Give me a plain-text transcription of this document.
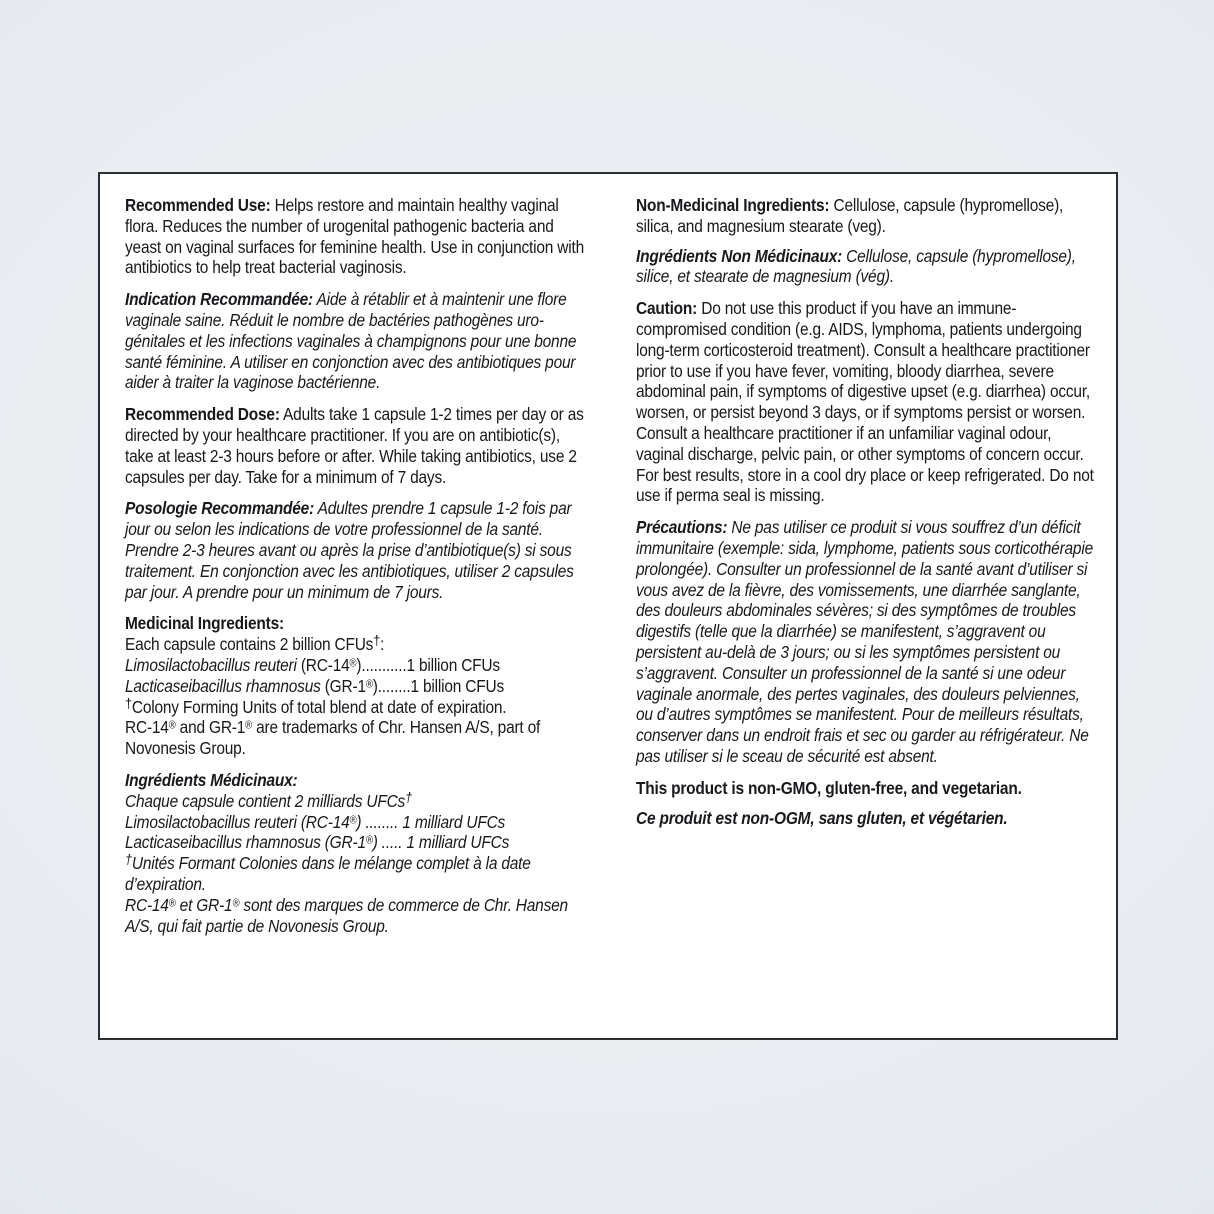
Recommended Use: Helps restore and maintain healthy vaginal flora. Reduces the number of urogenital pathogenic bacteria and yeast on vaginal surfaces for feminine health. Use in conjunction with antibiotics to help treat bacterial vaginosis.

Indication Recommandée: Aide à rétablir et à maintenir une flore vaginale saine. Réduit le nombre de bactéries pathogènes uro-génitales et les infections vaginales à champignons pour une bonne santé féminine. A utiliser en conjonction avec des antibiotiques pour aider à traiter la vaginose bactérienne.

Recommended Dose: Adults take 1 capsule 1-2 times per day or as directed by your healthcare practitioner. If you are on antibiotic(s), take at least 2-3 hours before or after. While taking antibiotics, use 2 capsules per day. Take for a minimum of 7 days.

Posologie Recommandée: Adultes prendre 1 capsule 1-2 fois par jour ou selon les indications de votre professionnel de la santé. Prendre 2-3 heures avant ou après la prise d’antibiotique(s) si sous traitement. En conjonction avec les antibiotiques, utiliser 2 capsules par jour. A prendre pour un minimum de 7 jours.

Medicinal Ingredients:
Each capsule contains 2 billion CFUs†:
Limosilactobacillus reuteri (RC-14®)...........1 billion CFUs
Lacticaseibacillus rhamnosus (GR-1®)........1 billion CFUs
†Colony Forming Units of total blend at date of expiration.
RC-14® and GR-1® are trademarks of Chr. Hansen A/S, part of Novonesis Group.

Ingrédients Médicinaux:
Chaque capsule contient 2 milliards UFCs†
Limosilactobacillus reuteri (RC-14®) ........ 1 milliard UFCs
Lacticaseibacillus rhamnosus (GR-1®) ..... 1 milliard UFCs
†Unités Formant Colonies dans le mélange complet à la date d’expiration.
RC-14® et GR-1® sont des marques de commerce de Chr. Hansen A/S, qui fait partie de Novonesis Group.

Non-Medicinal Ingredients: Cellulose, capsule (hypromellose), silica, and magnesium stearate (veg).

Ingrédients Non Médicinaux: Cellulose, capsule (hypromellose), silice, et stearate de magnesium (vég).

Caution: Do not use this product if you have an immune-compromised condition (e.g. AIDS, lymphoma, patients undergoing long-term corticosteroid treatment). Consult a healthcare practitioner prior to use if you have fever, vomiting, bloody diarrhea, severe abdominal pain, if symptoms of digestive upset (e.g. diarrhea) occur, worsen, or persist beyond 3 days, or if symptoms persist or worsen. Consult a healthcare practitioner if an unfamiliar vaginal odour, vaginal discharge, pelvic pain, or other symptoms of concern occur. For best results, store in a cool dry place or keep refrigerated. Do not use if perma seal is missing.

Précautions: Ne pas utiliser ce produit si vous souffrez d’un déficit immunitaire (exemple: sida, lymphome, patients sous corticothérapie prolongée). Consulter un professionnel de la santé avant d’utiliser si vous avez de la fièvre, des vomissements, une diarrhée sanglante, des douleurs abdominales sévères; si des symptômes de troubles digestifs (telle que la diarrhée) se manifestent, s’aggravent ou persistent au-delà de 3 jours; ou si les symptômes persistent ou s’aggravent. Consulter un professionnel de la santé si une odeur vaginale anormale, des pertes vaginales, des douleurs pelviennes, ou d’autres symptômes se manifestent. Pour de meilleurs résultats, conserver dans un endroit frais et sec ou garder au réfrigérateur. Ne pas utiliser si le sceau de sécurité est absent.

This product is non-GMO, gluten-free, and vegetarian.

Ce produit est non-OGM, sans gluten, et végétarien.
